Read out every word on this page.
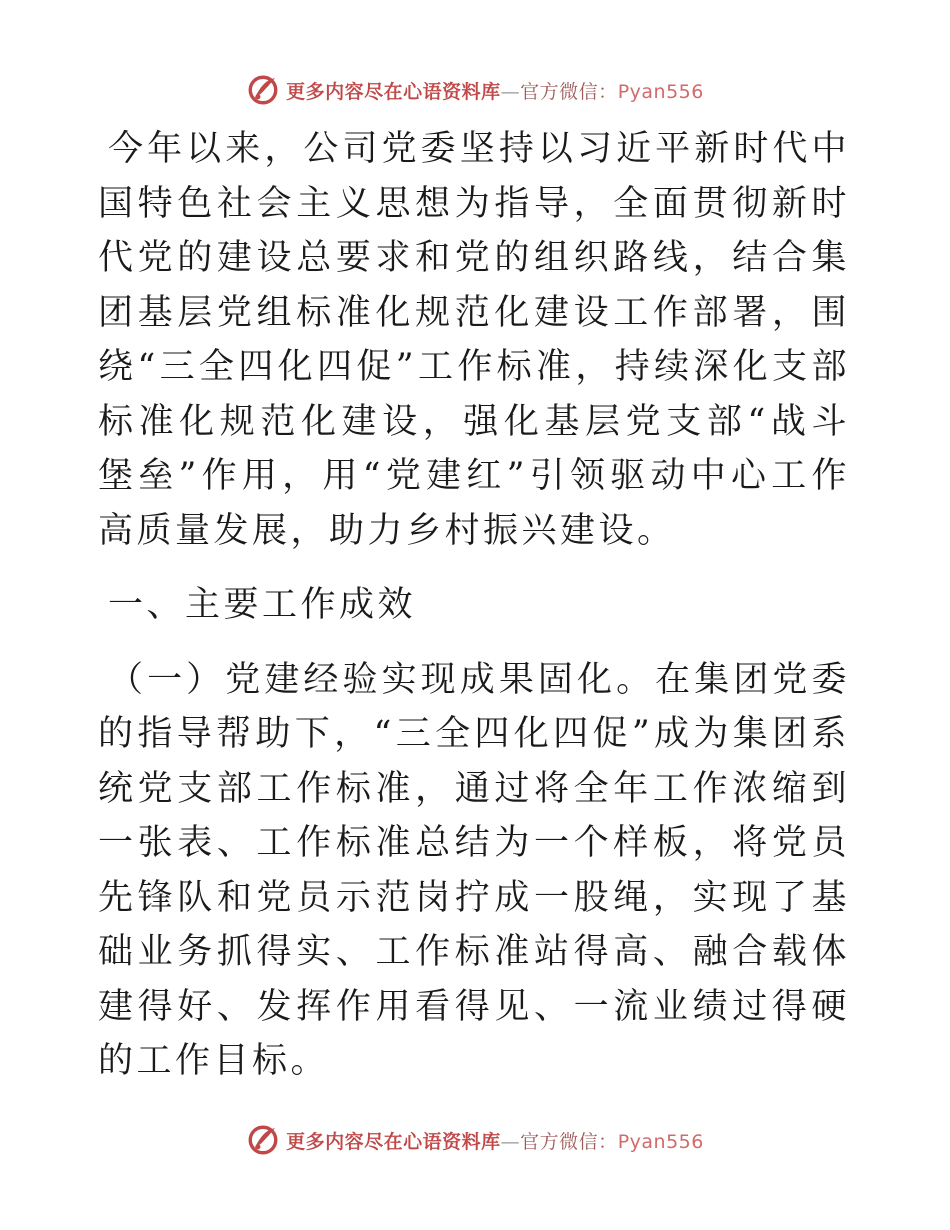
更多内容尽在心语资料库—官方微信：Pyan556

今年以来，公司党委坚持以习近平新时代中国特色社会主义思想为指导，全面贯彻新时代党的建设总要求和党的组织路线，结合集团基层党组标准化规范化建设工作部署，围绕“三全四化四促”工作标准，持续深化支部标准化规范化建设，强化基层党支部“战斗堡垒”作用，用“党建红”引领驱动中心工作高质量发展，助力乡村振兴建设。

一、主要工作成效

（一）党建经验实现成果固化。在集团党委的指导帮助下，“三全四化四促”成为集团系统党支部工作标准，通过将全年工作浓缩到一张表、工作标准总结为一个样板，将党员先锋队和党员示范岗拧成一股绳，实现了基础业务抓得实、工作标准站得高、融合载体建得好、发挥作用看得见、一流业绩过得硬的工作目标。

更多内容尽在心语资料库—官方微信：Pyan556
